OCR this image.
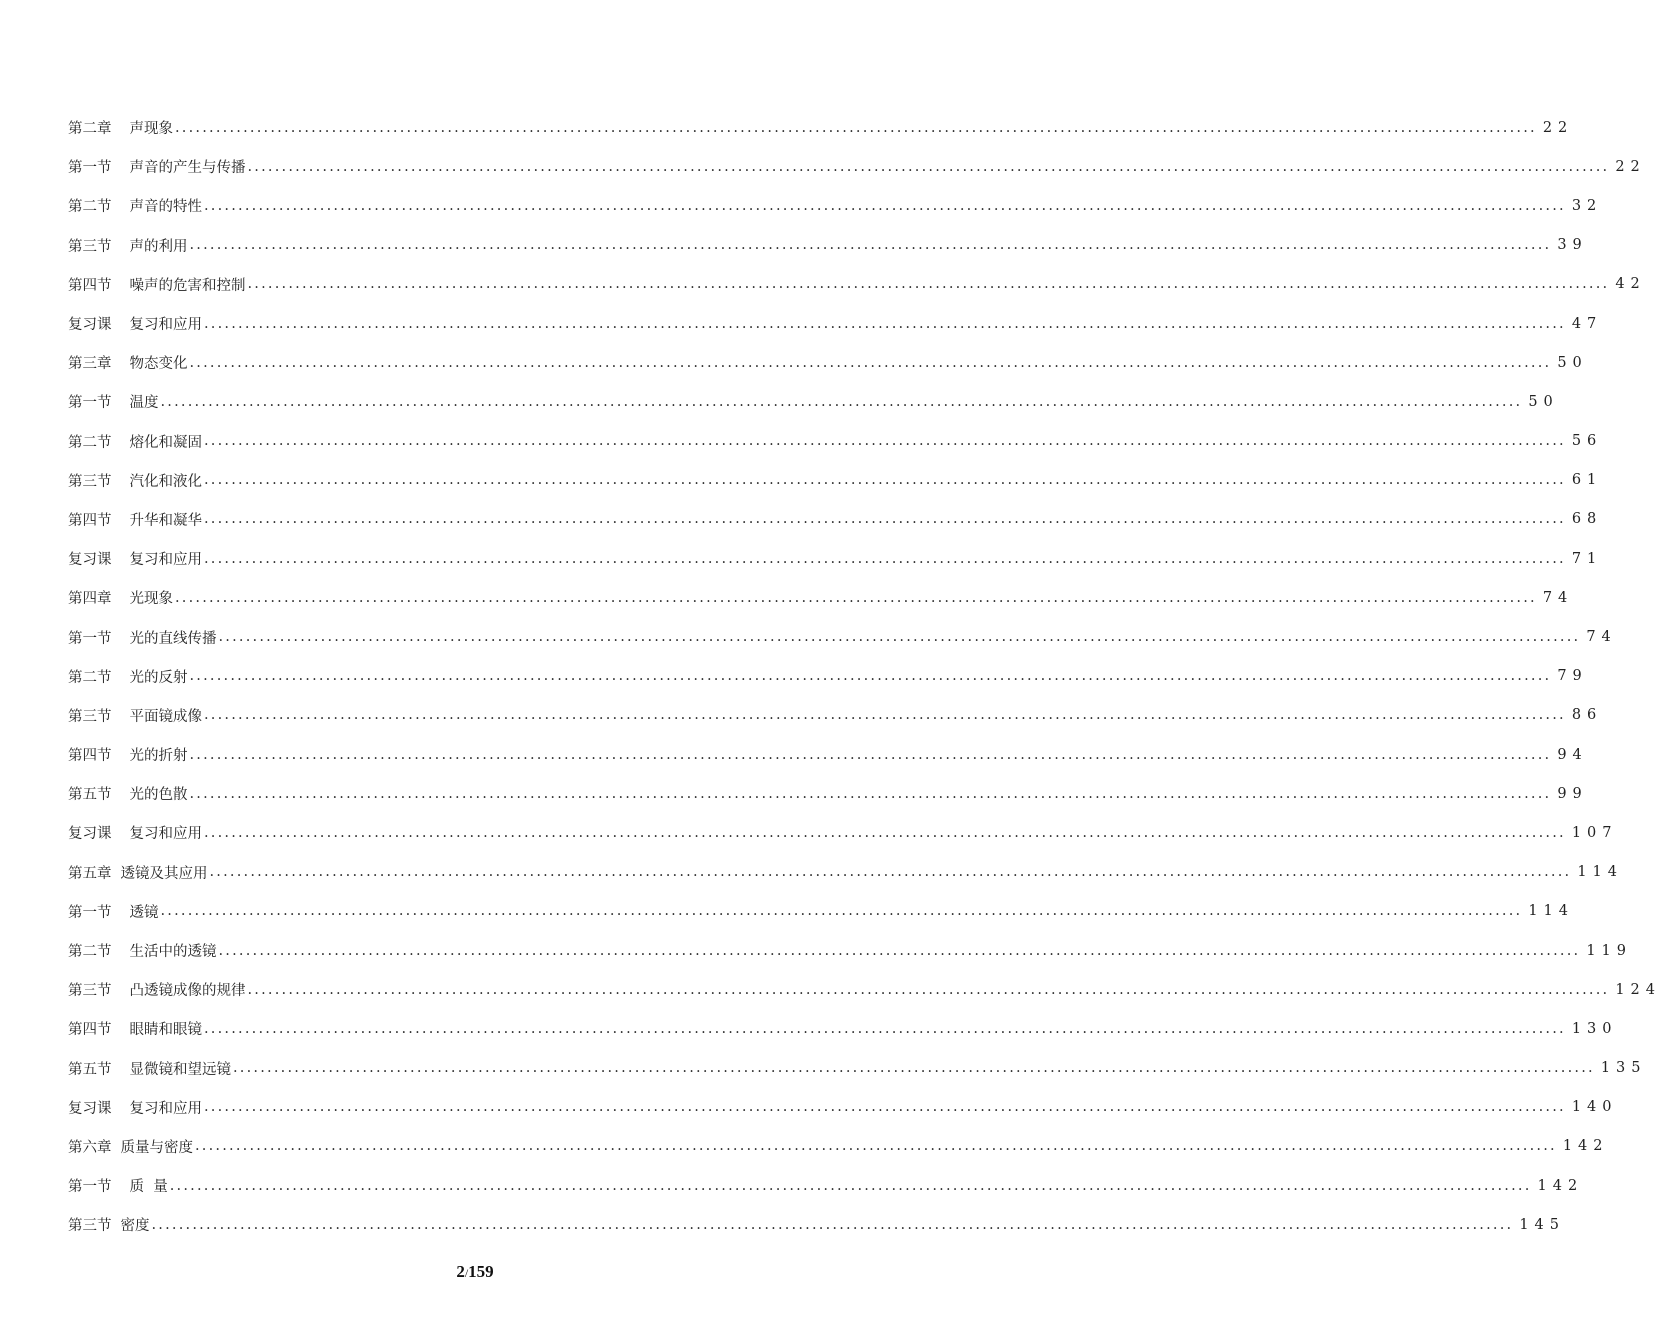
第二章 声现象 ........................................................................................................................................................................................................ 22
第一节 声音的产生与传播 ........................................................................................................................................................................................................ 22
第二节 声音的特性 ........................................................................................................................................................................................................ 32
第三节 声的利用 ........................................................................................................................................................................................................ 39
第四节 噪声的危害和控制 ........................................................................................................................................................................................................ 42
复习课 复习和应用 ........................................................................................................................................................................................................ 47
第三章 物态变化 ........................................................................................................................................................................................................ 50
第一节 温度 ........................................................................................................................................................................................................ 50
第二节 熔化和凝固 ........................................................................................................................................................................................................ 56
第三节 汽化和液化 ........................................................................................................................................................................................................ 61
第四节 升华和凝华 ........................................................................................................................................................................................................ 68
复习课 复习和应用 ........................................................................................................................................................................................................ 71
第四章 光现象 ........................................................................................................................................................................................................ 74
第一节 光的直线传播 ........................................................................................................................................................................................................ 74
第二节 光的反射 ........................................................................................................................................................................................................ 79
第三节 平面镜成像 ........................................................................................................................................................................................................ 86
第四节 光的折射 ........................................................................................................................................................................................................ 94
第五节 光的色散 ........................................................................................................................................................................................................ 99
复习课 复习和应用 ........................................................................................................................................................................................................ 107
第五章 透镜及其应用 ........................................................................................................................................................................................................ 114
第一节 透镜 ........................................................................................................................................................................................................ 114
第二节 生活中的透镜 ........................................................................................................................................................................................................ 119
第三节 凸透镜成像的规律 ........................................................................................................................................................................................................ 124
第四节 眼睛和眼镜 ........................................................................................................................................................................................................ 130
第五节 显微镜和望远镜 ........................................................................................................................................................................................................ 135
复习课 复习和应用 ........................................................................................................................................................................................................ 140
第六章 质量与密度 ........................................................................................................................................................................................................ 142
第一节 质  量 ........................................................................................................................................................................................................ 142
第三节 密度 ........................................................................................................................................................................................................ 145
2/159
